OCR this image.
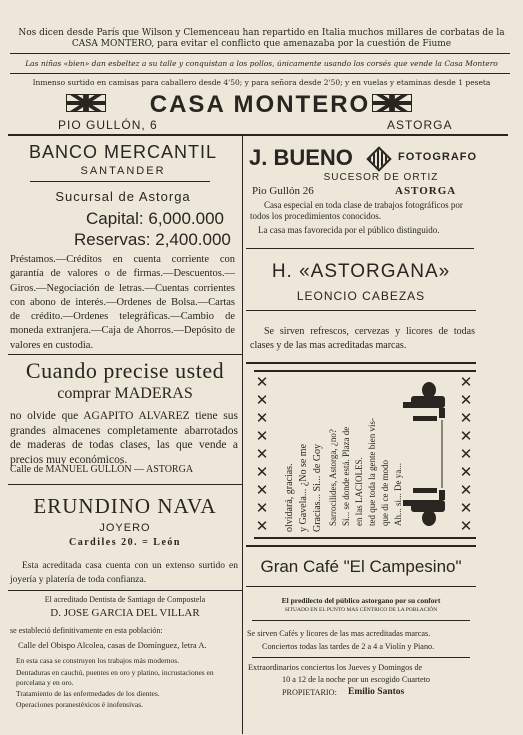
Nos dicen desde París que Wilson y Clemenceau han repartido en Italia muchos millares de corbatas de la
CASA MONTERO, para evitar el conflicto que amenazaba por la cuestión de Fiume
Las niñas «bien» dan esbeltez a su talle y conquistan a los pollos, únicamente usando los corsés que vende la Casa Montero
Inmenso surtido en camisas para caballero desde 4'50; y para señora desde 2'50; y en vuelas y etaminas desde 1 peseta
CASA MONTERO
PIO GULLÓN, 6	ASTORGA
BANCO MERCANTIL
SANTANDER
Sucursal de Astorga
Capital: 6,000.000
Reservas: 2,400.000
Préstamos.—Créditos en cuenta corriente con garantía de valores o de firmas.—Descuentos.—Giros.—Negociación de letras.—Cuentas corrientes con abono de interés.—Ordenes de Bolsa.—Cartas de crédito.—Ordenes telegráficas.—Cambio de moneda extranjera.—Caja de Ahorros.—Depósito de valores en custodia.
J. BUENO	FOTOGRAFO
SUCESOR DE ORTIZ
Pio Gullón 26	ASTORGA
Casa especial en toda clase de trabajos fotográficos por todos los procedimientos conocidos.
La casa mas favorecida por el público distinguido.
H. «ASTORGANA»
LEONCIO CABEZAS
Se sirven refrescos, cervezas y licores de todas clases y de las mas acreditadas marcas.
✕
✕
✕
✕
✕
✕
✕
✕
✕
✕
✕
✕
✕
✕
✕
✕
✕
✕
olvidará, gracias. y Gavela... ¿No se me Gracias... Si... de Goy Sarrocilides, Astorga, ¿no? Sí... se donde está. Plaza de en las LACIOLES. ted que toda la gente bien vis- que di ce de modo Ah... si... De ya...
Cuando precise usted
comprar MADERAS
no olvide que AGAPITO ALVAREZ tiene sus grandes almacenes completamente abarrotados de maderas de todas clases, las que vende a precios muy económicos.
Calle de MANUEL GULLÓN — ASTORGA
ERUNDINO NAVA
JOYERO
Cardiles 20. = León
Esta acreditada casa cuenta con un extenso surtido en joyería y platería de toda confianza.
El acreditado Dentista de Santiago de Compostela
D. JOSE GARCIA DEL VILLAR
se estableció definitivamente en esta población:
Calle del Obispo Alcolea, casas de Domínguez, letra A.
En esta casa se construyen los trabajos más modernos.
Dentaduras en cauchú, puentes en oro y platino, incrustaciones en porcelana y en oro.
Tratamiento de las enfermedades de los dientes.
Operaciones poranestéxicos é inofensivas.
Gran Café "El Campesino"
El predilecto del público astorgano por su confort
SITUADO EN EL PUNTO MAS CÉNTRICO DE LA POBLACIÓN
Se sirven Cafés y licores de las mas acreditadas marcas.
Conciertos todas las tardes de 2 a 4 a Violín y Piano.
Extraordinarios conciertos los Jueves y Domingos de
10 a 12 de la noche por un escogido Cuarteto
PROPIETARIO: Emilio Santos
